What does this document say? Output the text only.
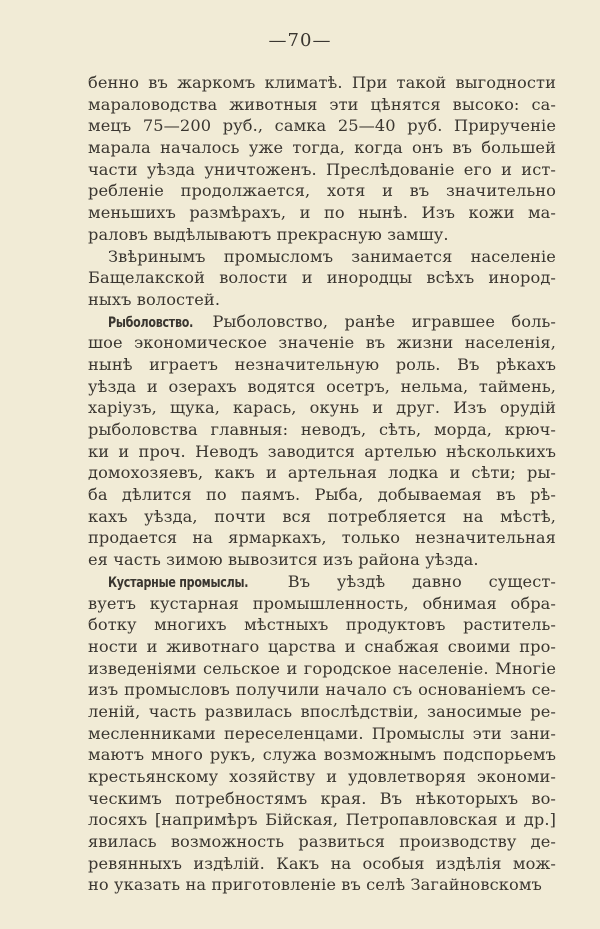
—70—
бенно въ жаркомъ климатѣ. При такой выгодности
мараловодства животныя эти цѣнятся высоко: са-
мецъ 75—200 руб., самка 25—40 руб. Прирученіе
марала началось уже тогда, когда онъ въ большей
части уѣзда уничтоженъ. Преслѣдованіе его и ист-
ребленіе продолжается, хотя и въ значительно
меньшихъ размѣрахъ, и по нынѣ. Изъ кожи ма-
раловъ выдѣлываютъ прекрасную замшу.
Звѣринымъ промысломъ занимается населеніе
Бащелакской волости и инородцы всѣхъ инород-
ныхъ волостей.
Рыболовство. Рыболовство, ранѣе игравшее боль-
шое экономическое значеніе въ жизни населенія,
нынѣ играетъ незначительную роль. Въ рѣкахъ
уѣзда и озерахъ водятся осетръ, нельма, таймень,
харіузъ, щука, карась, окунь и друг. Изъ орудій
рыболовства главныя: неводъ, сѣть, морда, крюч-
ки и проч. Неводъ заводится артелью нѣсколькихъ
домохозяевъ, какъ и артельная лодка и сѣти; ры-
ба дѣлится по паямъ. Рыба, добываемая въ рѣ-
кахъ уѣзда, почти вся потребляется на мѣстѣ,
продается на ярмаркахъ, только незначительная
ея часть зимою вывозится изъ района уѣзда.
Кустарные промыслы. Въ уѣздѣ давно сущест-
вуетъ кустарная промышленность, обнимая обра-
ботку многихъ мѣстныхъ продуктовъ раститель-
ности и животнаго царства и снабжая своими про-
изведеніями сельское и городское населеніе. Многіе
изъ промысловъ получили начало съ основаніемъ се-
леній, часть развилась впослѣдствіи, заносимые ре-
месленниками переселенцами. Промыслы эти зани-
маютъ много рукъ, служа возможнымъ подспорьемъ
крестьянскому хозяйству и удовлетворяя экономи-
ческимъ потребностямъ края. Въ нѣкоторыхъ во-
лосяхъ [напримѣръ Бійская, Петропавловская и др.]
явилась возможность развиться производству де-
ревянныхъ издѣлій. Какъ на особыя издѣлія мож-
но указать на приготовленіе въ селѣ Загайновскомъ
